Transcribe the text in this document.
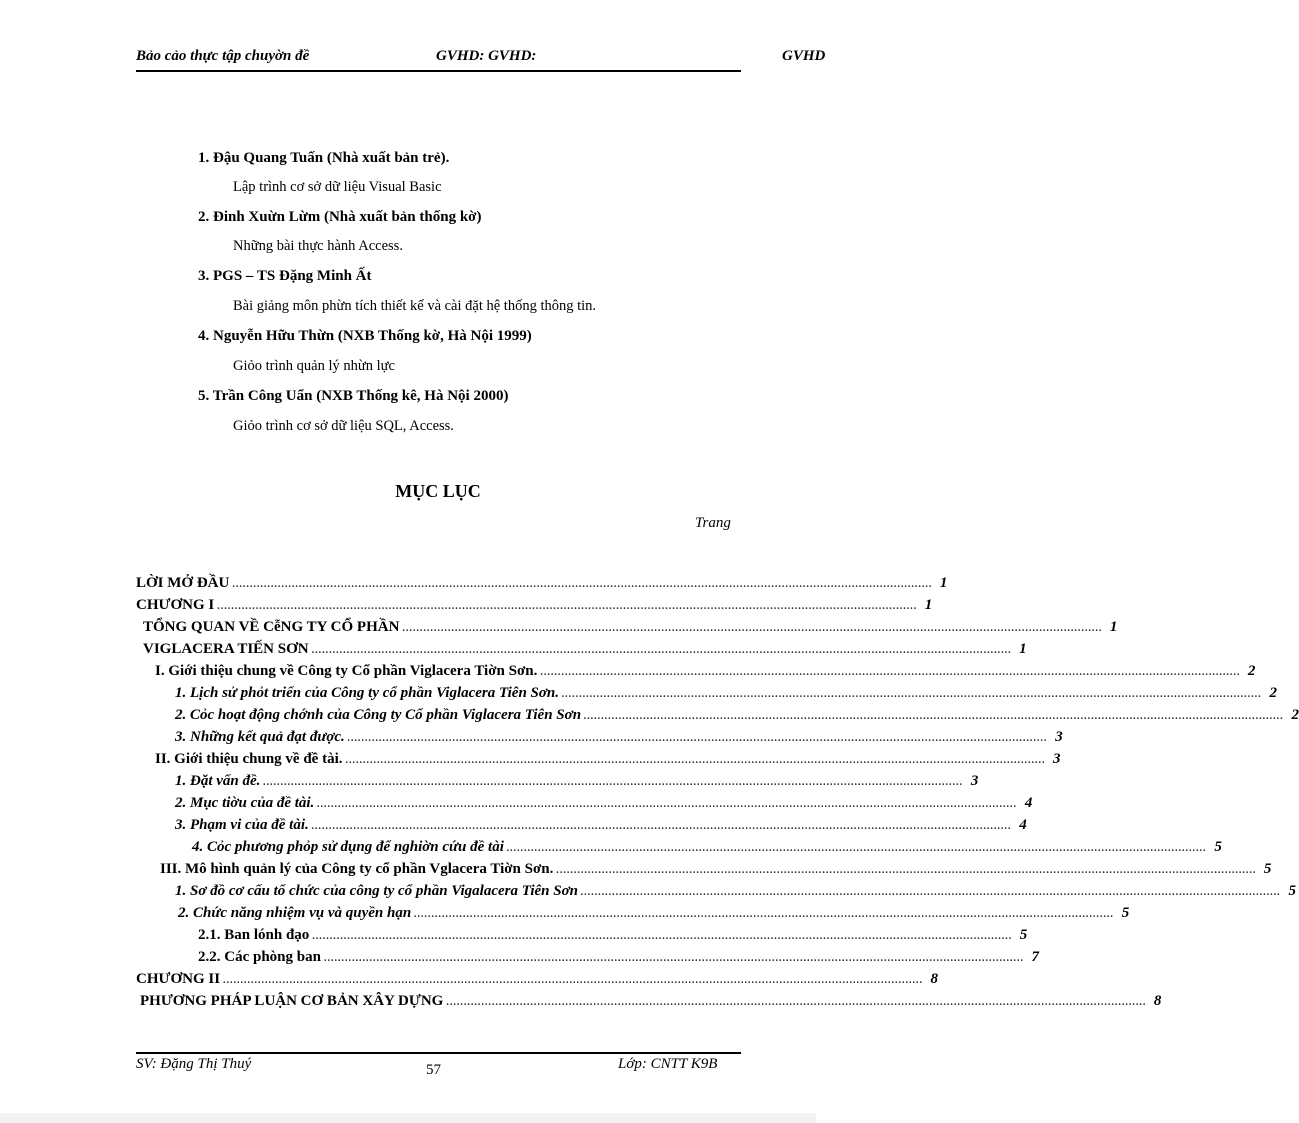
Bảo cảo thực tập chuyờn đề	GVHD: GVHD:	GVHD
1. Đậu Quang Tuấn (Nhà xuất bản trẻ).
Lập trình cơ sở dữ liệu Visual Basic
2. Đinh Xuừn Lừm (Nhà xuất bản thống kờ)
Những bài thực hành Access.
3. PGS – TS Đặng Minh Ất
Bài giảng môn phừn tích thiết kế và cài đặt hệ thống thông tin.
4. Nguyễn Hữu Thừn (NXB Thống kờ, Hà Nội 1999)
Giỏo trình quản lý nhừn lực
5. Trần Công Uẩn (NXB Thống kê, Hà Nội 2000)
Giỏo trình cơ sở dữ liệu SQL, Access.
MỤC LỤC
Trang
LỜI MỞ ĐẦU .....	1
CHƯƠNG I .....	1
TỔNG QUAN VỀ CễNG TY CỔ PHẦN .....	1
VIGLACERA TIẾN SƠN .....	1
I. Giới thiệu chung về Công ty Cổ phần Viglacera Tiờn Sơn. .....	2
1. Lịch sử phỏt triển của Công ty cổ phần Viglacera Tiên Sơn. .....	2
2. Cỏc hoạt động chớnh của Công ty Cổ phần Viglacera Tiên Sơn .....	2
3. Những kết quả đạt được. .....	3
II. Giới thiệu chung về đề tài. .....	3
1. Đặt vấn đề. .....	3
2. Mục tiờu của đề tài. .....	4
3. Phạm vi của đề tài. .....	4
4. Cỏc phương phỏp sử dụng để nghiờn cứu đề tài .....	5
III. Mô hình quản lý của Công ty cổ phần Vglacera Tiờn Sơn. .....	5
1. Sơ đồ cơ cấu tổ chức của công ty cổ phần Vigalacera Tiên Sơn .....	5
2. Chức năng nhiệm vụ và quyền hạn .....	5
2.1. Ban lónh đạo .....	5
2.2. Các phòng ban .....	7
CHƯƠNG II .....	8
PHƯƠNG PHÁP LUẬN CƠ BẢN XÂY DỰNG .....	8
SV: Đặng Thị Thuý	57	Lớp: CNTT K9B
